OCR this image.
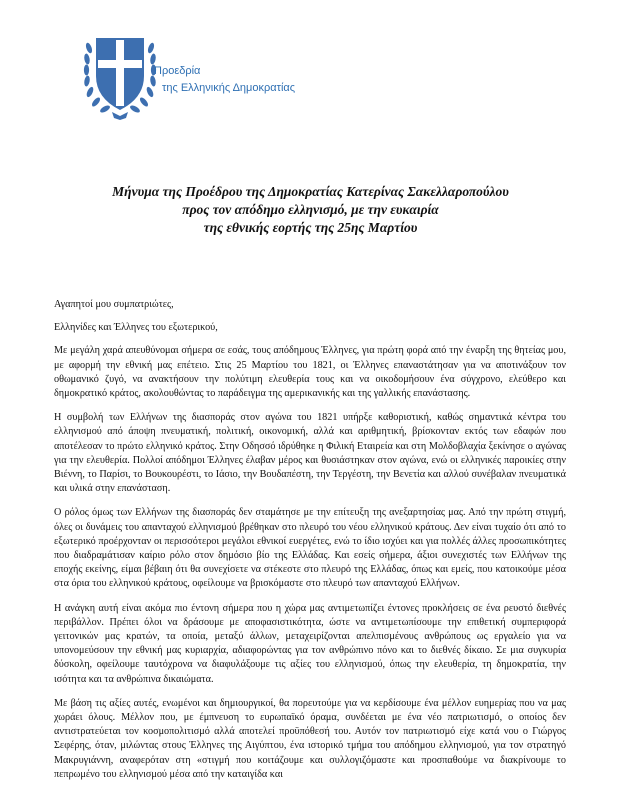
Προεδρία
της Ελληνικής Δημοκρατίας
Μήνυμα της Προέδρου της Δημοκρατίας Κατερίνας Σακελλαροπούλου
προς τον απόδημο ελληνισμό, με την ευκαιρία
της εθνικής εορτής της 25ης Μαρτίου

Αγαπητοί μου συμπατριώτες,

Ελληνίδες και Έλληνες του εξωτερικού,

Με μεγάλη χαρά απευθύνομαι σήμερα σε εσάς, τους απόδημους Έλληνες, για πρώτη φορά από την έναρξη της θητείας μου, με αφορμή την εθνική μας επέτειο. Στις 25 Μαρτίου του 1821, οι Έλληνες επαναστάτησαν για να αποτινάξουν τον οθωμανικό ζυγό, να ανακτήσουν την πολύτιμη ελευθερία τους και να οικοδομήσουν ένα σύγχρονο, ελεύθερο και δημοκρατικό κράτος, ακολουθώντας το παράδειγμα της αμερικανικής και της γαλλικής επανάστασης.

Η συμβολή των Ελλήνων της διασποράς στον αγώνα του 1821 υπήρξε καθοριστική, καθώς σημαντικά κέντρα του ελληνισμού από άποψη πνευματική, πολιτική, οικονομική, αλλά και αριθμητική, βρίσκονταν εκτός των εδαφών που αποτέλεσαν το πρώτο ελληνικό κράτος. Στην Οδησσό ιδρύθηκε η Φιλική Εταιρεία και στη Μολδοβλαχία ξεκίνησε ο αγώνας για την ελευθερία. Πολλοί απόδημοι Έλληνες έλαβαν μέρος και θυσιάστηκαν στον αγώνα, ενώ οι ελληνικές παροικίες στην Βιέννη, το Παρίσι, το Βουκουρέστι, το Ιάσιο, την Βουδαπέστη, την Τεργέστη, την Βενετία και αλλού συνέβαλαν πνευματικά και υλικά στην επανάσταση.

Ο ρόλος όμως των Ελλήνων της διασποράς δεν σταμάτησε με την επίτευξη της ανεξαρτησίας μας. Από την πρώτη στιγμή, όλες οι δυνάμεις του απανταχού ελληνισμού βρέθηκαν στο πλευρό του νέου ελληνικού κράτους. Δεν είναι τυχαίο ότι από το εξωτερικό προέρχονταν οι περισσότεροι μεγάλοι εθνικοί ευεργέτες, ενώ το ίδιο ισχύει και για πολλές άλλες προσωπικότητες που διαδραμάτισαν καίριο ρόλο στον δημόσιο βίο της Ελλάδας. Και εσείς σήμερα, άξιοι συνεχιστές των Ελλήνων της εποχής εκείνης, είμαι βέβαιη ότι θα συνεχίσετε να στέκεστε στο πλευρό της Ελλάδας, όπως και εμείς, που κατοικούμε μέσα στα όρια του ελληνικού κράτους, οφείλουμε να βρισκόμαστε στο πλευρό των απανταχού Ελλήνων.

Η ανάγκη αυτή είναι ακόμα πιο έντονη σήμερα που η χώρα μας αντιμετωπίζει έντονες προκλήσεις σε ένα ρευστό διεθνές περιβάλλον. Πρέπει όλοι να δράσουμε με αποφασιστικότητα, ώστε να αντιμετωπίσουμε την επιθετική συμπεριφορά γειτονικών μας κρατών, τα οποία, μεταξύ άλλων, μεταχειρίζονται απελπισμένους ανθρώπους ως εργαλείο για να υπονομεύσουν την εθνική μας κυριαρχία, αδιαφορώντας για τον ανθρώπινο πόνο και το διεθνές δίκαιο. Σε μια συγκυρία δύσκολη, οφείλουμε ταυτόχρονα να διαφυλάξουμε τις αξίες του ελληνισμού, όπως την ελευθερία, τη δημοκρατία, την ισότητα και τα ανθρώπινα δικαιώματα.

Με βάση τις αξίες αυτές, ενωμένοι και δημιουργικοί, θα πορευτούμε για να κερδίσουμε ένα μέλλον ευημερίας που να μας χωράει όλους. Μέλλον που, με έμπνευση το ευρωπαϊκό όραμα, συνδέεται με ένα νέο πατριωτισμό, ο οποίος δεν αντιστρατεύεται τον κοσμοπολιτισμό αλλά αποτελεί προϋπόθεσή του. Αυτόν τον πατριωτισμό είχε κατά νου ο Γιώργος Σεφέρης, όταν, μιλώντας στους Έλληνες της Αιγύπτου, ένα ιστορικό τμήμα του απόδημου ελληνισμού, για τον στρατηγό Μακρυγιάννη, αναφερόταν στη «στιγμή που κοιτάζουμε και συλλογιζόμαστε και προσπαθούμε να διακρίνουμε το πεπρωμένο του ελληνισμού μέσα από την καταιγίδα και
